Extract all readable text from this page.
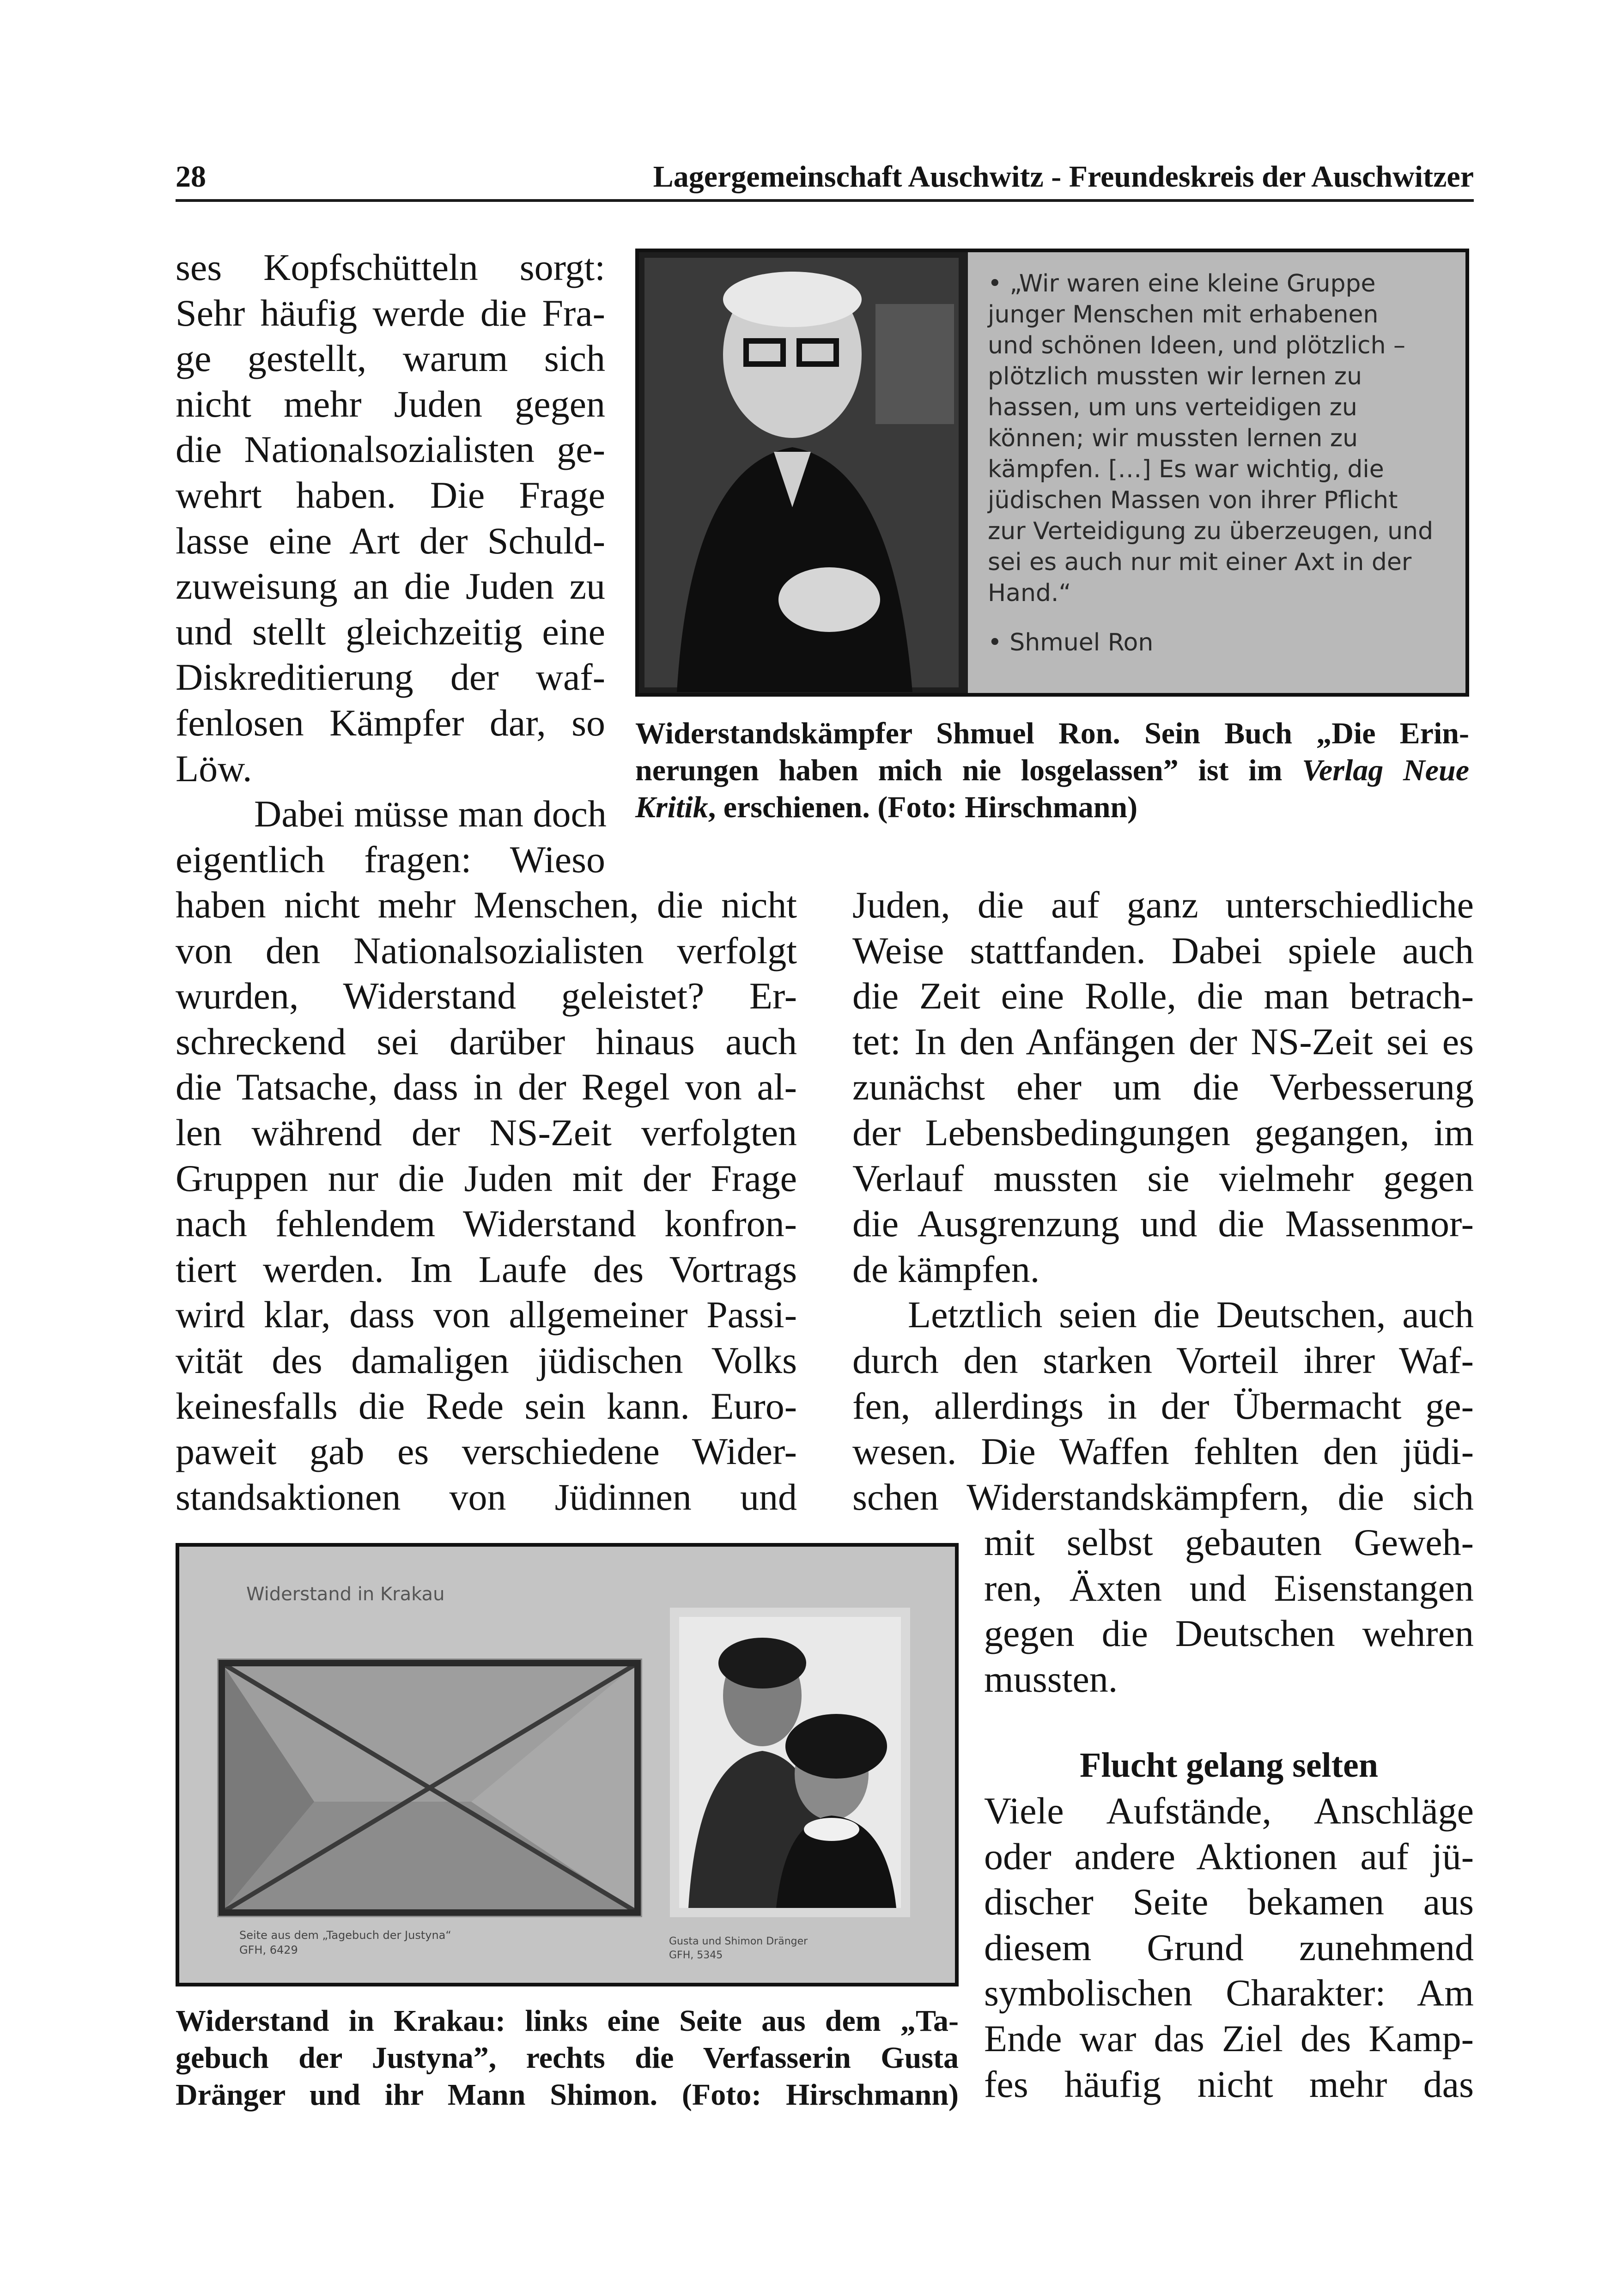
28	Lagergemeinschaft Auschwitz - Freundeskreis der Auschwitzer
ses Kopfschütteln sorgt:
Sehr häufig werde die Fra-
ge gestellt, warum sich
nicht mehr Juden gegen
die Nationalsozialisten ge-
wehrt haben. Die Frage
lasse eine Art der Schuld-
zuweisung an die Juden zu
und stellt gleichzeitig eine
Diskreditierung der waf-
fenlosen Kämpfer dar, so
Löw.
Dabei müsse man doch
eigentlich fragen: Wieso
haben nicht mehr Menschen, die nicht
von den Nationalsozialisten verfolgt
wurden, Widerstand geleistet? Er-
schreckend sei darüber hinaus auch
die Tatsache, dass in der Regel von al-
len während der NS-Zeit verfolgten
Gruppen nur die Juden mit der Frage
nach fehlendem Widerstand konfron-
tiert werden. Im Laufe des Vortrags
wird klar, dass von allgemeiner Passi-
vität des damaligen jüdischen Volks
keinesfalls die Rede sein kann. Euro-
paweit gab es verschiedene Wider-
standsaktionen von Jüdinnen und
Juden, die auf ganz unterschiedliche
Weise stattfanden. Dabei spiele auch
die Zeit eine Rolle, die man betrach-
tet: In den Anfängen der NS-Zeit sei es
zunächst eher um die Verbesserung
der Lebensbedingungen gegangen, im
Verlauf mussten sie vielmehr gegen
die Ausgrenzung und die Massenmor-
de kämpfen.
Letztlich seien die Deutschen, auch
durch den starken Vorteil ihrer Waf-
fen, allerdings in der Übermacht ge-
wesen. Die Waffen fehlten den jüdi-
schen Widerstandskämpfern, die sich
mit selbst gebauten Geweh-
ren, Äxten und Eisenstangen
gegen die Deutschen wehren
mussten.
Flucht gelang selten
Viele Aufstände, Anschläge
oder andere Aktionen auf jü-
discher Seite bekamen aus
diesem Grund zunehmend
symbolischen Charakter: Am
Ende war das Ziel des Kamp-
fes häufig nicht mehr das
• „Wir waren eine kleine Gruppe
junger Menschen mit erhabenen
und schönen Ideen, und plötzlich –
plötzlich mussten wir lernen zu
hassen, um uns verteidigen zu
können; wir mussten lernen zu
kämpfen. […] Es war wichtig, die
jüdischen Massen von ihrer Pflicht
zur Verteidigung zu überzeugen, und
sei es auch nur mit einer Axt in der
Hand.“
• Shmuel Ron
Widerstandskämpfer Shmuel Ron. Sein Buch „Die Erin-
nerungen haben mich nie losgelassen” ist im Verlag Neue
Kritik, erschienen. (Foto: Hirschmann)
Widerstand in Krakau
Seite aus dem „Tagebuch der Justyna“
GFH, 6429
Gusta und Shimon Dränger
GFH, 5345
Widerstand in Krakau: links eine Seite aus dem „Ta-
gebuch der Justyna”, rechts die Verfasserin Gusta
Dränger und ihr Mann Shimon. (Foto: Hirschmann)
